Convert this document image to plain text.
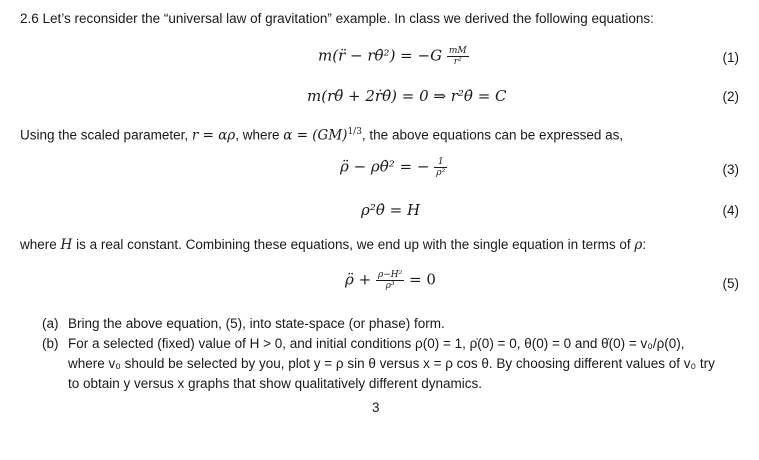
2.6 Let’s reconsider the “universal law of gravitation” example. In class we derived the following equations:
m(r̈ − rθ̇²) = $-G \frac{mM}{\text{r²}}$	(1)
m(rθ̈ + 2ṙθ̇) = 0 ⇒ r²θ̇ = C	(2)
Using the scaled parameter, r = αρ, where α = (GM)$^{1/3}$, the above equations can be expressed as,
ρ̈ − ρθ̇² = − $\frac{1}{\text{ρ²}}$	(3)
ρ²θ̇ = H	(4)
where H is a real constant. Combining these equations, we end up with the single equation in terms of ρ:
ρ̈ + $\frac{\text{ρ−H²}}{\text{ρ³}} = 0$	(5)
(a) Bring the above equation, (5), into state-space (or phase) form.
(b) For a selected (fixed) value of H > 0, and initial conditions ρ(0) = 1, ρ̇(0) = 0, θ(0) = 0 and θ̇(0) = v₀/ρ(0),
where v₀ should be selected by you, plot y = ρ sin θ versus x = ρ cos θ. By choosing different values of v₀ try
to obtain y versus x graphs that show qualitatively different dynamics.
3
